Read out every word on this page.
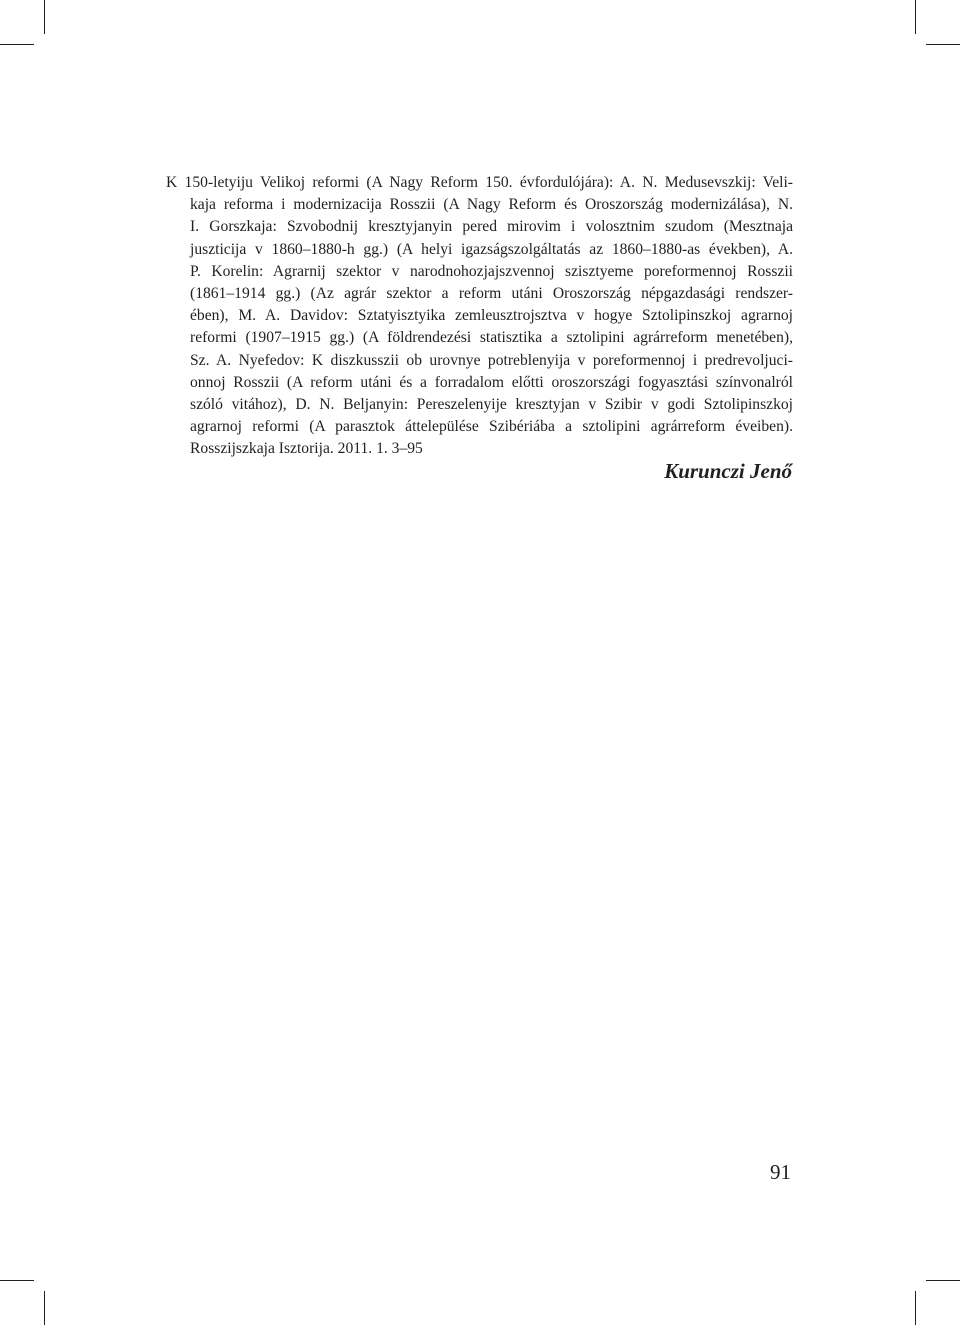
K 150-letyiju Velikoj reformi (A Nagy Reform 150. évfordulójára): A. N. Medusevszkij: Veli-
kaja reforma i modernizacija Rosszii (A Nagy Reform és Oroszország modernizálása), N.
I. Gorszkaja: Szvobodnij kresztyjanyin pered mirovim i volosztnim szudom (Mesztnaja
juszticija v 1860–1880-h gg.) (A helyi igazságszolgáltatás az 1860–1880-as években), A.
P. Korelin: Agrarnij szektor v narodnohozjajszvennoj szisztyeme poreformennoj Rosszii
(1861–1914 gg.) (Az agrár szektor a reform utáni Oroszország népgazdasági rendszer-
ében), M. A. Davidov: Sztatyisztyika zemleusztrojsztva v hogye Sztolipinszkoj agrarnoj
reformi (1907–1915 gg.) (A földrendezési statisztika a sztolipini agrárreform menetében),
Sz. A. Nyefedov: K diszkusszii ob urovnye potreblenyija v poreformennoj i predrevoljuci-
onnoj Rosszii (A reform utáni és a forradalom előtti oroszországi fogyasztási színvonalról
szóló vitához), D. N. Beljanyin: Pereszelenyije kresztyjan v Szibir v godi Sztolipinszkoj
agrarnoj reformi (A parasztok áttelepülése Szibériába a sztolipini agrárreform éveiben).
Rosszijszkaja Isztorija. 2011. 1. 3–95
Kurunczi Jenő
91
